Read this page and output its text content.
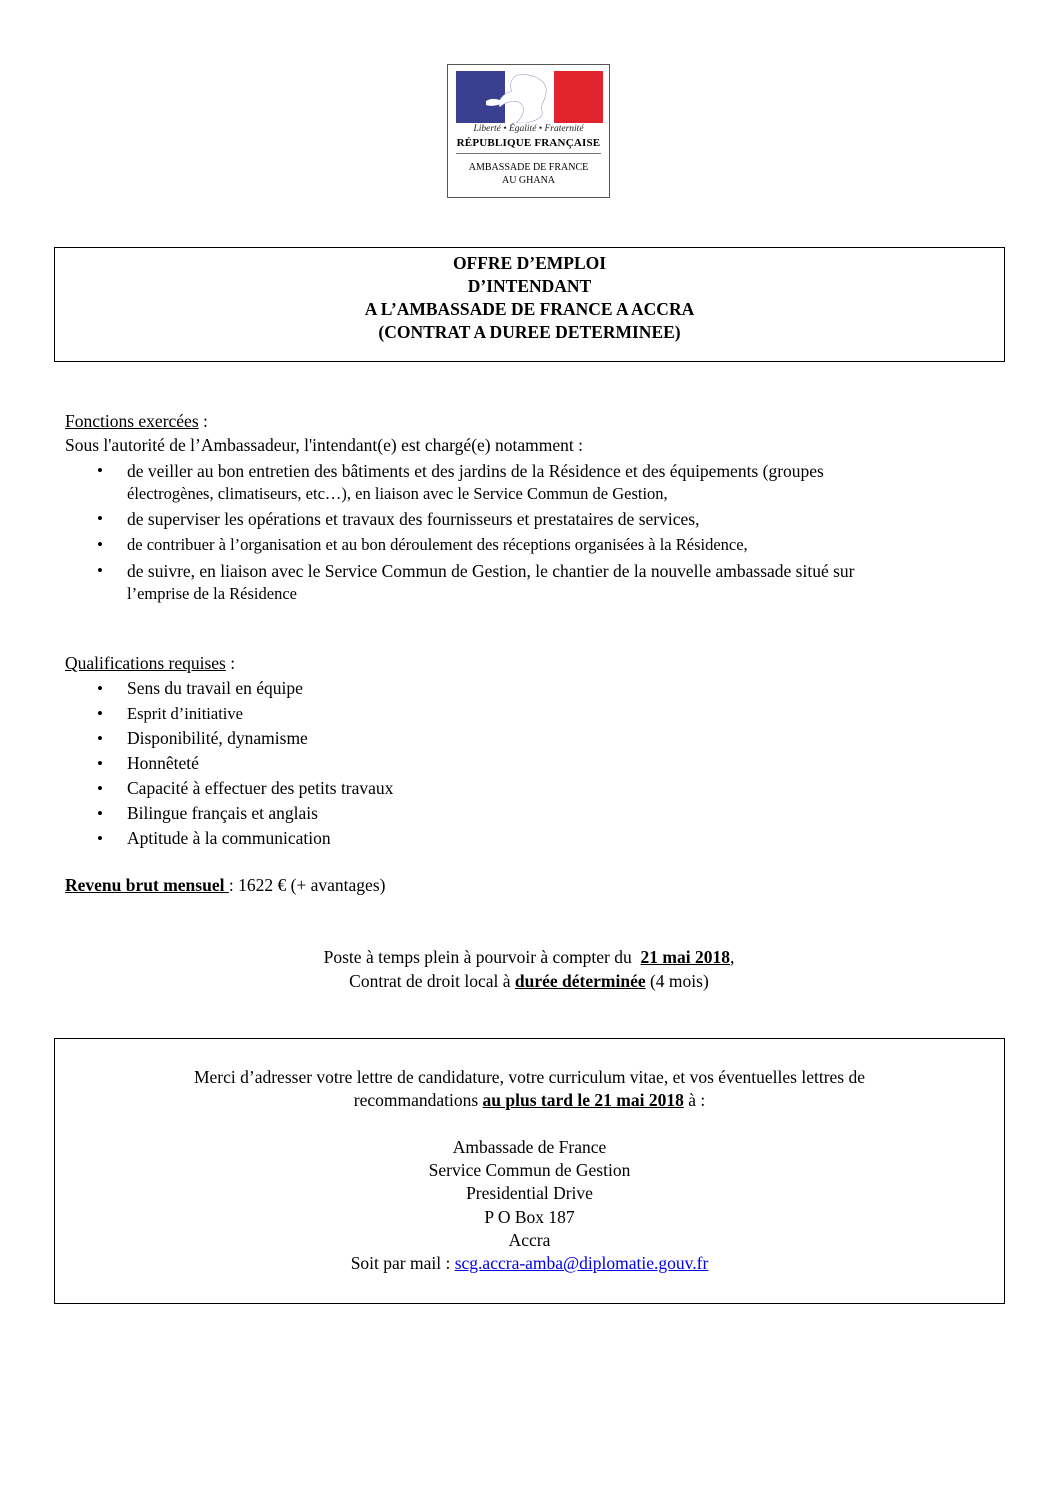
Liberté • Égalité • Fraternité
RÉPUBLIQUE FRANÇAISE
AMBASSADE DE FRANCE
AU GHANA
OFFRE D’EMPLOI
D’INTENDANT
A L’AMBASSADE DE FRANCE A ACCRA
(CONTRAT A DUREE DETERMINEE)
Fonctions exercées :
Sous l'autorité de l’Ambassadeur, l'intendant(e) est chargé(e) notamment :
• de veiller au bon entretien des bâtiments et des jardins de la Résidence et des équipements (groupes
électrogènes, climatiseurs, etc…), en liaison avec le Service Commun de Gestion,
• de superviser les opérations et travaux des fournisseurs et prestataires de services,
• de contribuer à l’organisation et au bon déroulement des réceptions organisées à la Résidence,
• de suivre, en liaison avec le Service Commun de Gestion, le chantier de la nouvelle ambassade situé sur
l’emprise de la Résidence
Qualifications requises :
• Sens du travail en équipe
• Esprit d’initiative
• Disponibilité, dynamisme
• Honnêteté
• Capacité à effectuer des petits travaux
• Bilingue français et anglais
• Aptitude à la communication
Revenu brut mensuel : 1622 € (+ avantages)
Poste à temps plein à pourvoir à compter du  21 mai 2018,
Contrat de droit local à durée déterminée (4 mois)
Merci d’adresser votre lettre de candidature, votre curriculum vitae, et vos éventuelles lettres de
recommandations au plus tard le 21 mai 2018 à :
Ambassade de France
Service Commun de Gestion
Presidential Drive
P O Box 187
Accra
Soit par mail : scg.accra-amba@diplomatie.gouv.fr
